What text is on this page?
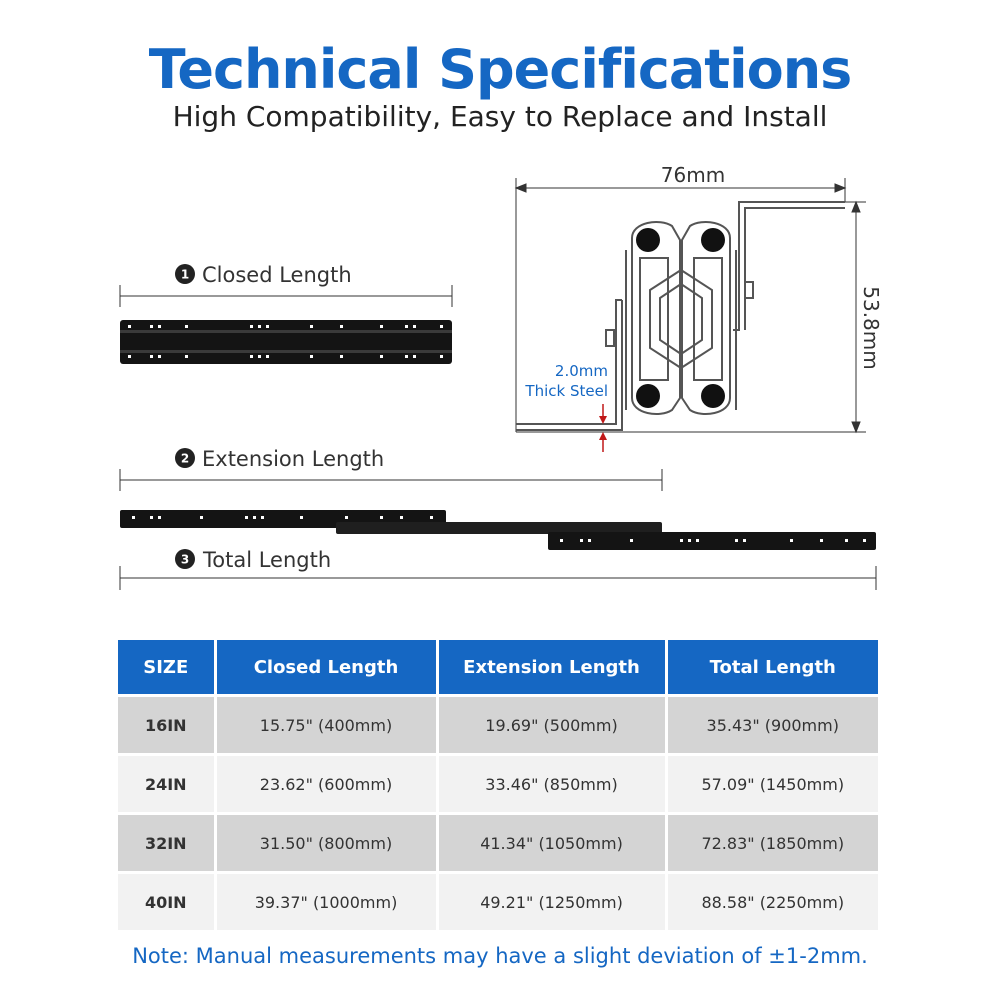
Technical Specifications
High Compatibility, Easy to Replace and Install
1 Closed Length
2 Extension Length
3 Total Length
76mm
53.8mm
2.0mm
Thick Steel
SIZE	Closed Length	Extension Length	Total Length
16IN	15.75" (400mm)	19.69" (500mm)	35.43" (900mm)
24IN	23.62" (600mm)	33.46" (850mm)	57.09" (1450mm)
32IN	31.50" (800mm)	41.34" (1050mm)	72.83" (1850mm)
40IN	39.37" (1000mm)	49.21" (1250mm)	88.58" (2250mm)
Note: Manual measurements may have a slight deviation of ±1-2mm.
